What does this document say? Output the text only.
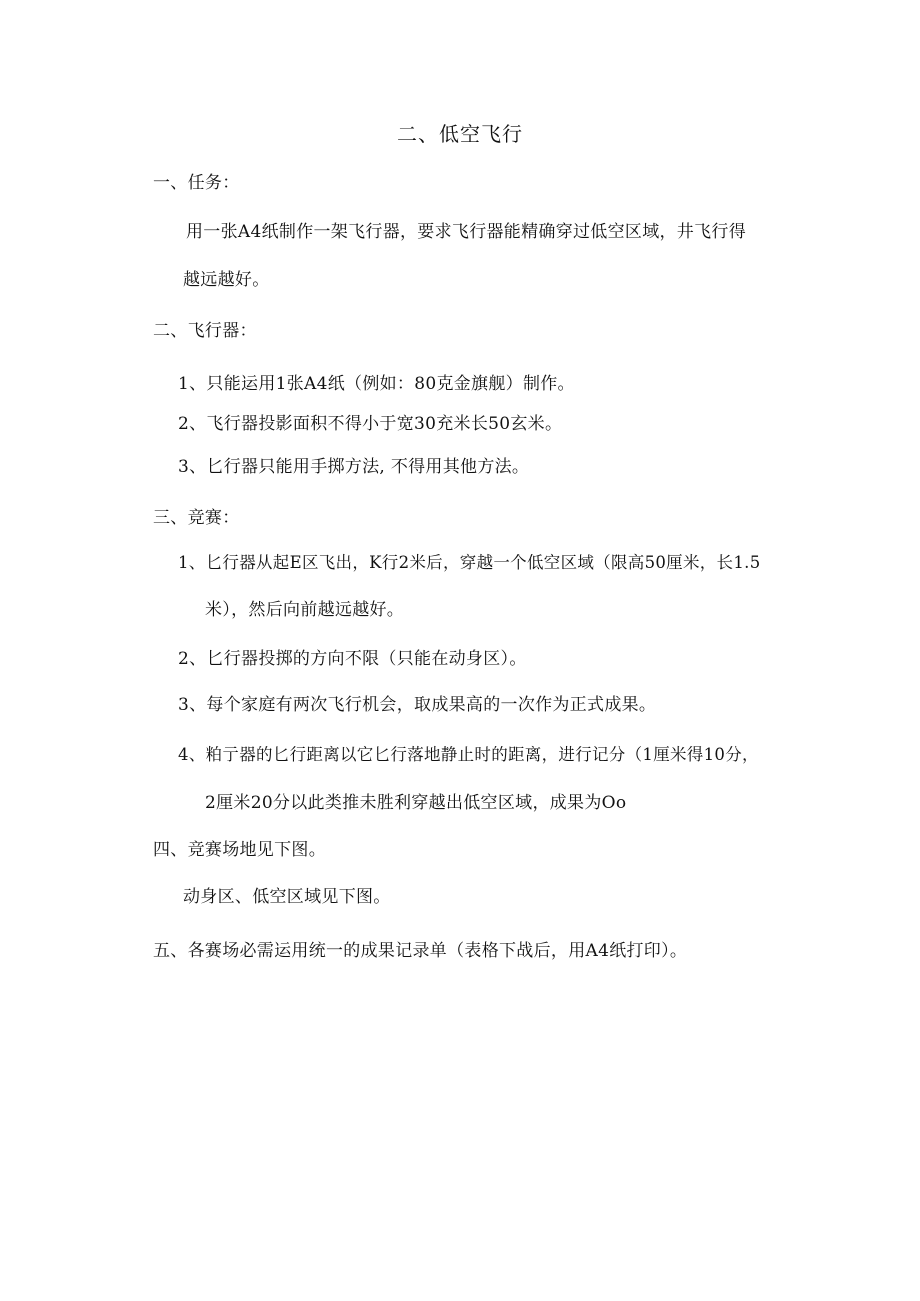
二、低空飞行
一、任务：
用一张A4纸制作一架飞行器，要求飞行器能精确穿过低空区域，井飞行得
越远越好。
二、飞行器：
1、只能运用1张A4纸（例如：80克金旗舰）制作。
2、飞行器投影面积不得小于宽30充米长50玄米。
3、匕行器只能用手掷方法, 不得用其他方法。
三、竞赛：
1、匕行器从起E区飞出，K行2米后，穿越一个低空区域（限高50厘米，长1.5
米），然后向前越远越好。
2、匕行器投掷的方向不限（只能在动身区）。
3、每个家庭有两次飞行机会，取成果高的一次作为正式成果。
4、粕亍器的匕行距离以它匕行落地静止时的距离，进行记分（1厘米得10分，
2厘米20分以此类推未胜利穿越出低空区域，成果为Oo
四、竞赛场地见下图。
动身区、低空区域见下图。
五、各赛场必需运用统一的成果记录单（表格下战后，用A4纸打印）。
